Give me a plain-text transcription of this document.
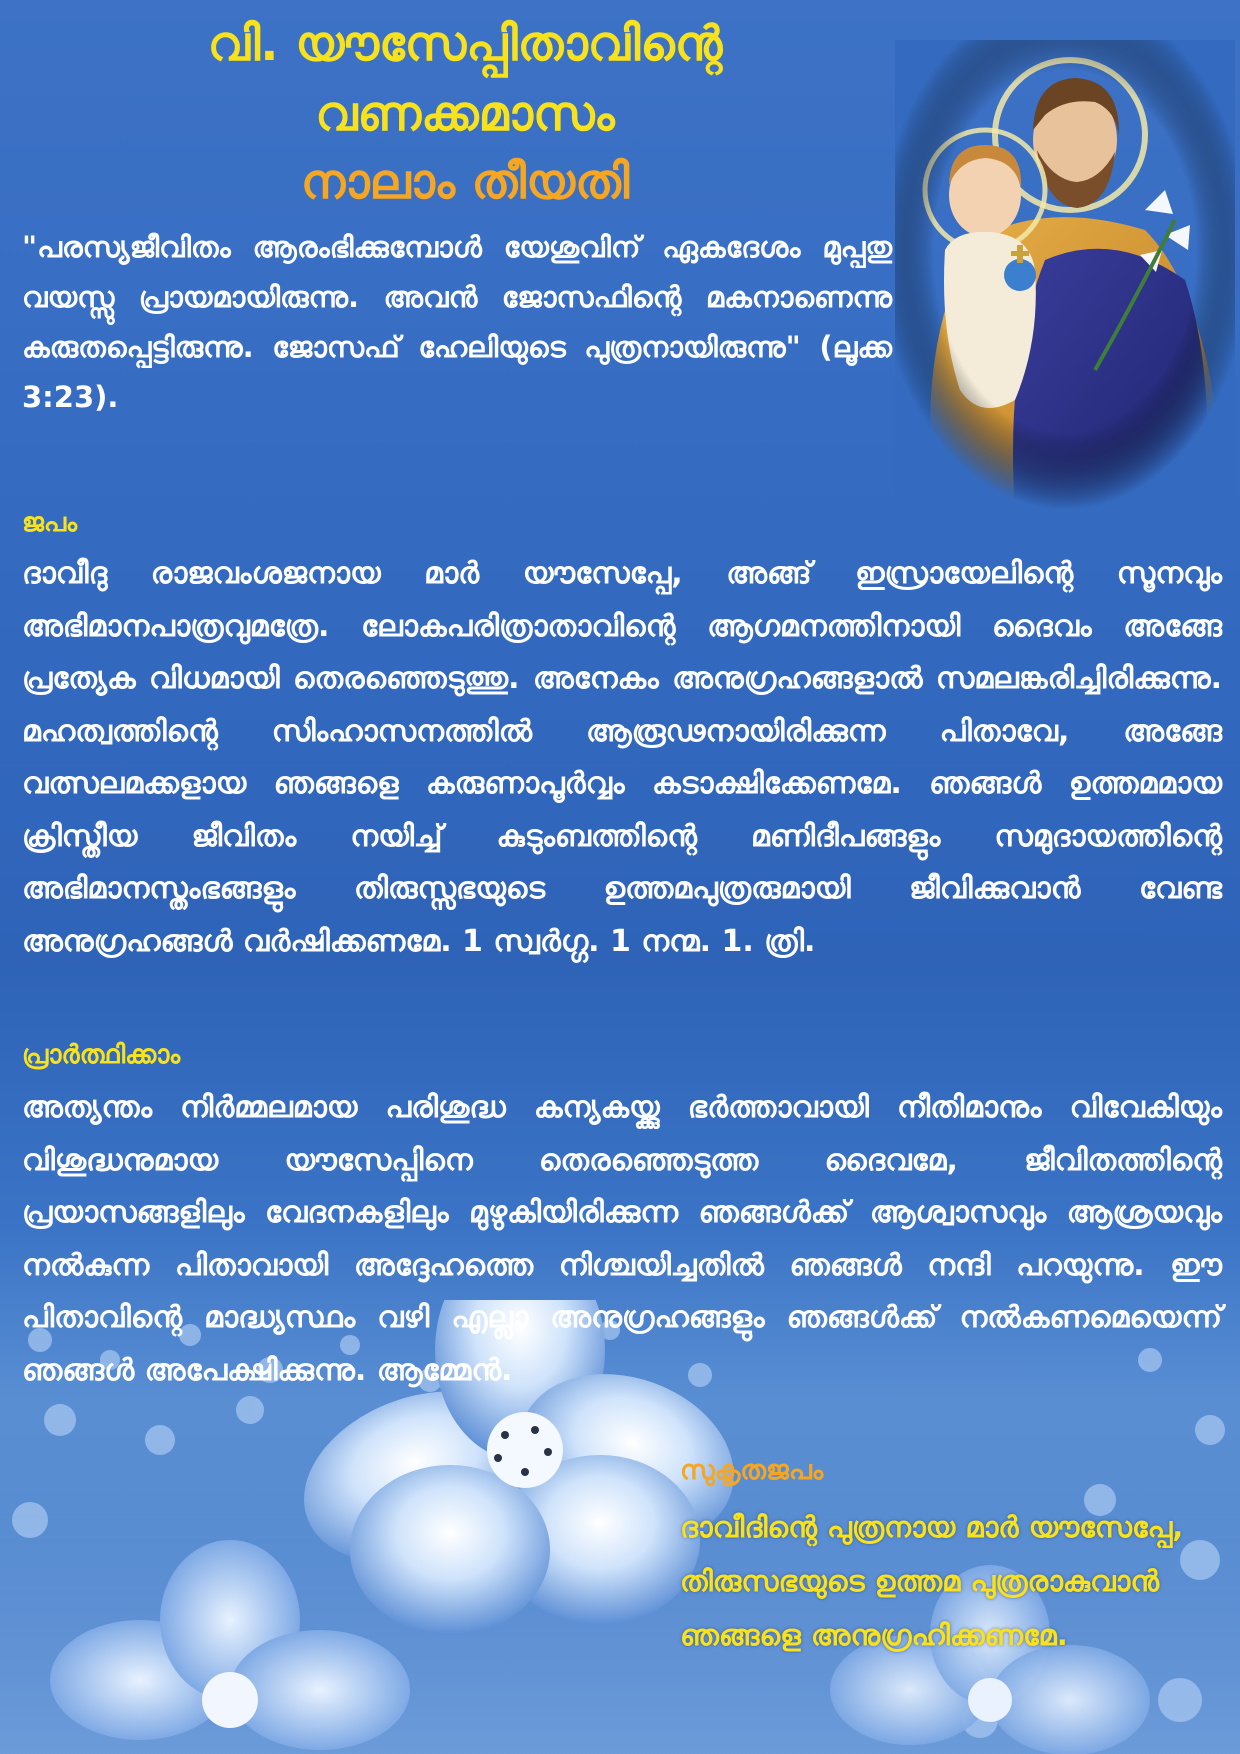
വി. യൗസേപ്പിതാവിന്റെ
വണക്കമാസം
നാലാം തീയതി

"പരസ്യജീവിതം ആരംഭിക്കുമ്പോൾ യേശുവിന് ഏകദേശം മുപ്പതു വയസ്സു പ്രായമായിരുന്നു. അവൻ ജോസഫിന്റെ മകനാണെന്നു കരുതപ്പെട്ടിരുന്നു. ജോസഫ് ഹേലിയുടെ പുത്രനായിരുന്നു" (ലൂക്ക 3:23).

ജപം

ദാവീദു രാജവംശജനായ മാർ യൗസേപ്പേ, അങ്ങ് ഇസ്രായേലിന്റെ സൂനവും അഭിമാനപാത്രവുമത്രേ. ലോകപരിത്രാതാവിന്റെ ആഗമനത്തിനായി ദൈവം അങ്ങേ പ്രത്യേക വിധമായി തെരഞ്ഞെടുത്തു. അനേകം അനുഗ്രഹങ്ങളാൽ സമലങ്കരിച്ചിരിക്കുന്നു. മഹത്വത്തിന്റെ സിംഹാസനത്തിൽ ആരൂഢനായിരിക്കുന്ന പിതാവേ, അങ്ങേ വത്സലമക്കളായ ഞങ്ങളെ കരുണാപൂർവ്വം കടാക്ഷിക്കേണമേ. ഞങ്ങൾ ഉത്തമമായ ക്രിസ്തീയ ജീവിതം നയിച്ച് കുടുംബത്തിന്റെ മണിദീപങ്ങളും സമുദായത്തിന്റെ അഭിമാനസ്തംഭങ്ങളും തിരുസ്സഭയുടെ ഉത്തമപുത്രരുമായി ജീവിക്കുവാൻ വേണ്ട അനുഗ്രഹങ്ങൾ വർഷിക്കണമേ. 1 സ്വർഗ്ഗ. 1 നന്മ. 1. ത്രി.

പ്രാർത്ഥിക്കാം

അത്യന്തം നിർമ്മലമായ പരിശുദ്ധ കന്യകയ്ക്കു ഭർത്താവായി നീതിമാനും വിവേകിയും വിശുദ്ധനുമായ യൗസേപ്പിനെ തെരഞ്ഞെടുത്ത ദൈവമേ, ജീവിതത്തിന്റെ പ്രയാസങ്ങളിലും വേദനകളിലും മുഴുകിയിരിക്കുന്ന ഞങ്ങൾക്ക് ആശ്വാസവും ആശ്രയവും നൽകുന്ന പിതാവായി അദ്ദേഹത്തെ നിശ്ചയിച്ചതിൽ ഞങ്ങൾ നന്ദി പറയുന്നു. ഈ പിതാവിന്റെ മാദ്ധ്യസ്ഥം വഴി എല്ലാ അനുഗ്രഹങ്ങളും ഞങ്ങൾക്ക് നൽകണമെയെന്ന് ഞങ്ങൾ അപേക്ഷിക്കുന്നു. ആമ്മേൻ.

സുകൃതജപം

ദാവീദിന്റെ പുത്രനായ മാർ യൗസേപ്പേ, തിരുസഭയുടെ ഉത്തമ പുത്രരാകുവാൻ ഞങ്ങളെ അനുഗ്രഹിക്കണമേ.
